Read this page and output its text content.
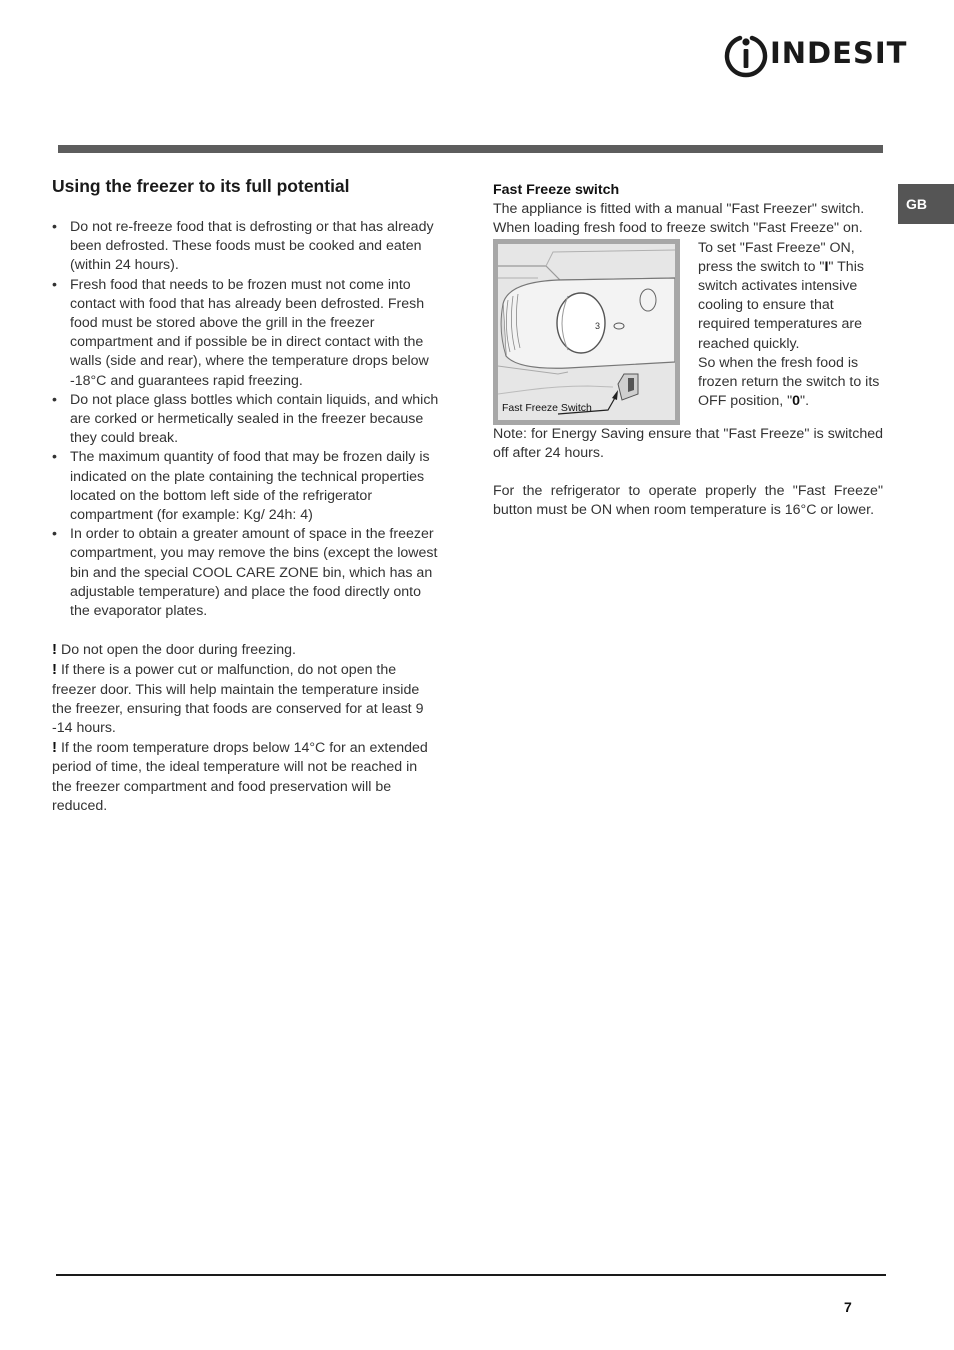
INDESIT
GB
Using the freezer to its full potential
• Do not re-freeze food that is defrosting or that has already been defrosted. These foods must be cooked and eaten (within 24 hours).
• Fresh food that needs to be frozen must not come into contact with food that has already been defrosted. Fresh food must be stored above the grill in the freezer compartment and if possible be in direct contact with the walls (side and rear), where the temperature drops below -18°C and guarantees rapid freezing.
• Do not place glass bottles which contain liquids, and which are corked or hermetically sealed in the freezer because they could break.
• The maximum quantity of food that may be frozen daily is indicated on the plate containing the technical properties located on the bottom left side of the refrigerator compartment (for example: Kg/ 24h: 4)
• In order to obtain a greater amount of space in the freezer compartment, you may remove the bins (except the lowest bin and the special COOL CARE ZONE bin, which has an adjustable temperature) and place the food directly onto the evaporator plates.

! Do not open the door during freezing.

! If there is a power cut or malfunction, do not open the freezer door. This will help maintain the temperature inside the freezer, ensuring that foods are conserved for at least 9 -14 hours.

! If the room temperature drops below 14°C for an extended period of time, the ideal temperature will not be reached in the freezer compartment and food preservation will be reduced.

Fast Freeze switch

The appliance is fitted with a manual "Fast Freezer" switch.

When loading fresh food to freeze switch "Fast Freeze" on.

3
Fast Freeze Switch

To set "Fast Freeze" ON, press the switch to "I" This switch activates intensive cooling to ensure that required temperatures are reached quickly.

So when the fresh food is frozen return the switch to its OFF position, "0".

Note: for Energy Saving ensure that "Fast Freeze" is switched off after 24 hours.

For the refrigerator to operate properly the "Fast Freeze" button must be ON when room temperature is 16°C or lower.

7
